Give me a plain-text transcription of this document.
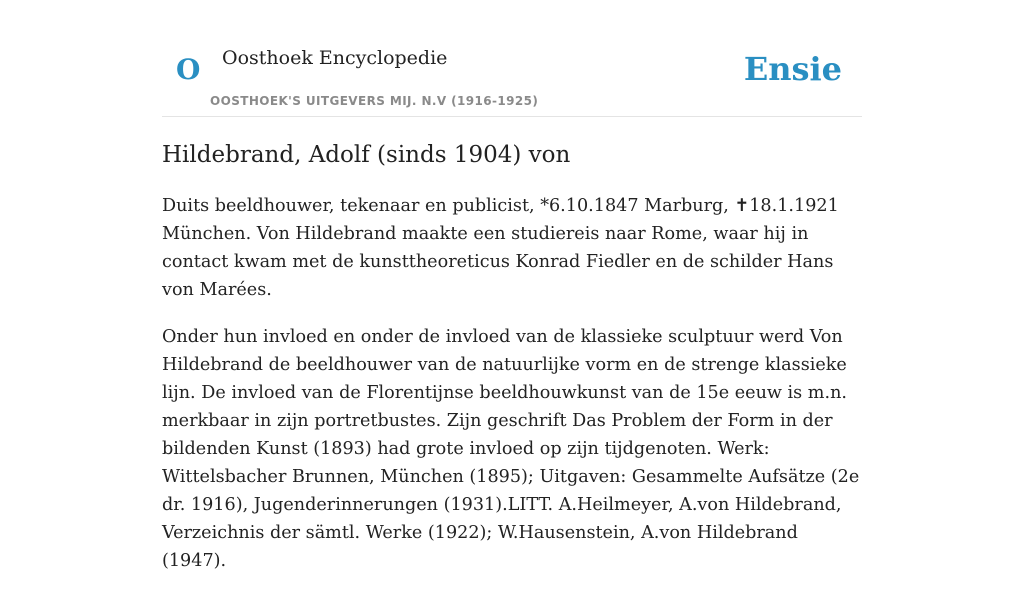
O Oosthoek Encyclopedie
OOSTHOEK'S UITGEVERS MIJ. N.V (1916-1925)
Ensie
Hildebrand, Adolf (sinds 1904) von

Duits beeldhouwer, tekenaar en publicist, *6.10.1847 Marburg, ✝18.1.1921 München. Von Hildebrand maakte een studiereis naar Rome, waar hij in contact kwam met de kunsttheoreticus Konrad Fiedler en de schilder Hans von Marées.

Onder hun invloed en onder de invloed van de klassieke sculptuur werd Von Hildebrand de beeldhouwer van de natuurlijke vorm en de strenge klassieke lijn. De invloed van de Florentijnse beeldhouwkunst van de 15e eeuw is m.n. merkbaar in zijn portretbustes. Zijn geschrift Das Problem der Form in der bildenden Kunst (1893) had grote invloed op zijn tijdgenoten. Werk: Wittelsbacher Brunnen, München (1895); Uitgaven: Gesammelte Aufsätze (2e dr. 1916), Jugenderinnerungen (1931).LITT. A.Heilmeyer, A.von Hildebrand, Verzeichnis der sämtl. Werke (1922); W.Hausenstein, A.von Hildebrand (1947).
